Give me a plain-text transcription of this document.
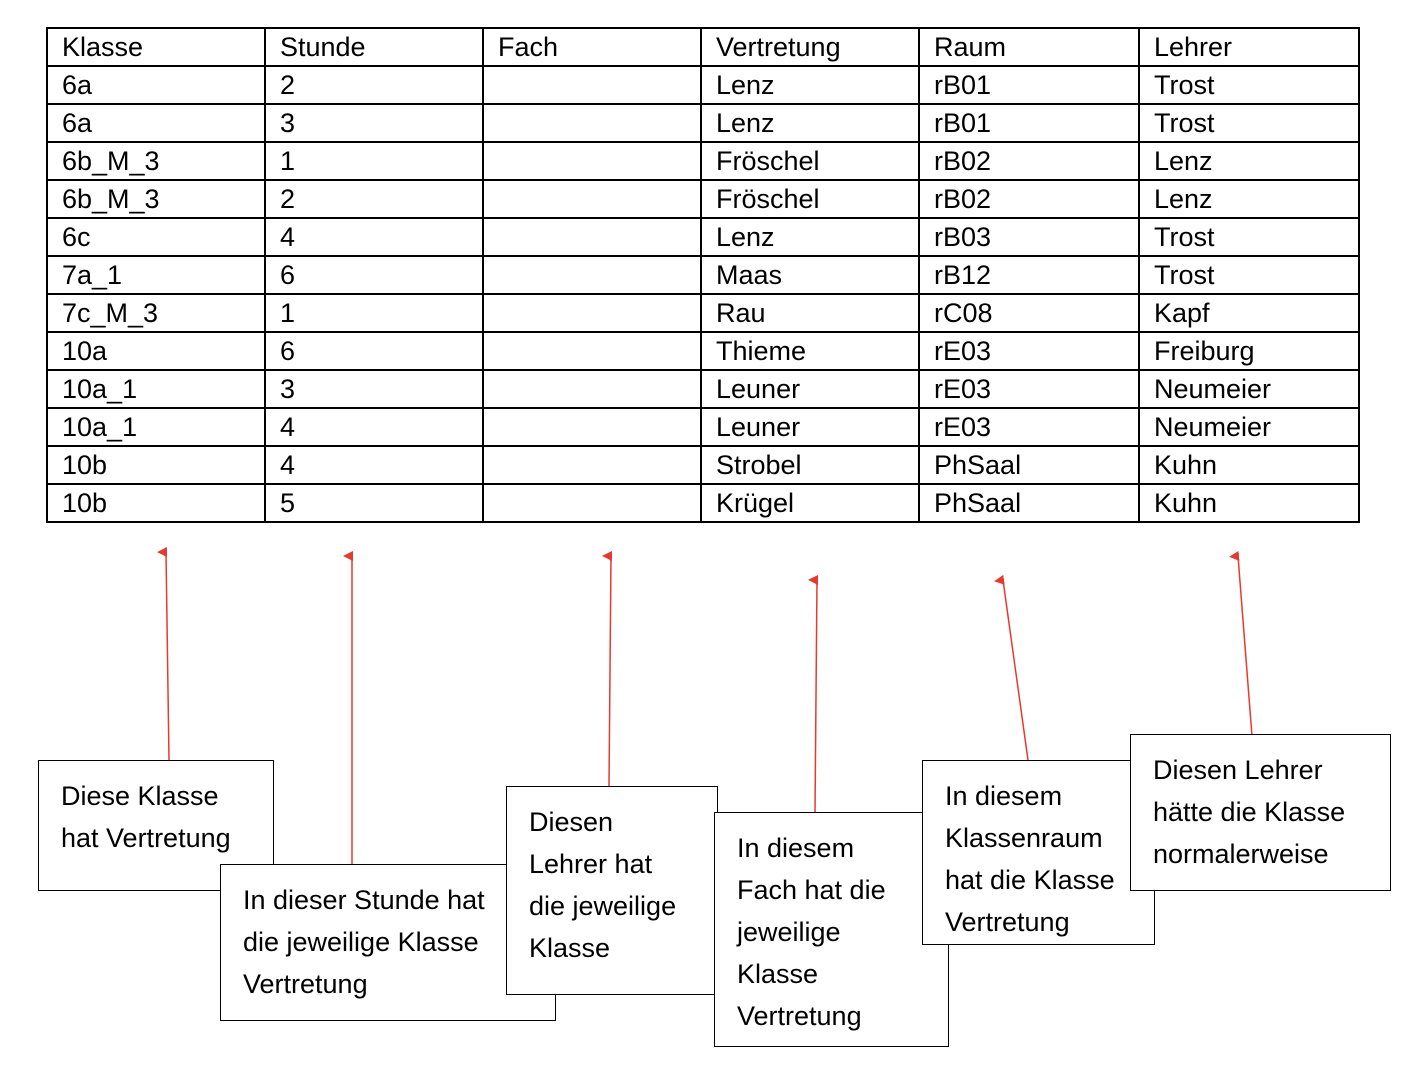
Klasse	Stunde	Fach	Vertretung	Raum	Lehrer
6a	2		Lenz	rB01	Trost
6a	3		Lenz	rB01	Trost
6b_M_3	1		Fröschel	rB02	Lenz
6b_M_3	2		Fröschel	rB02	Lenz
6c	4		Lenz	rB03	Trost
7a_1	6		Maas	rB12	Trost
7c_M_3	1		Rau	rC08	Kapf
10a	6		Thieme	rE03	Freiburg
10a_1	3		Leuner	rE03	Neumeier
10a_1	4		Leuner	rE03	Neumeier
10b	4		Strobel	PhSaal	Kuhn
10b	5		Krügel	PhSaal	Kuhn
Diese Klasse
hat Vertretung
In dieser Stunde hat
die jeweilige Klasse
Vertretung
Diesen
Lehrer hat
die jeweilige
Klasse
In diesem
Fach hat die
jeweilige
Klasse
Vertretung
In diesem
Klassenraum
hat die Klasse
Vertretung
Diesen Lehrer
hätte die Klasse
normalerweise
